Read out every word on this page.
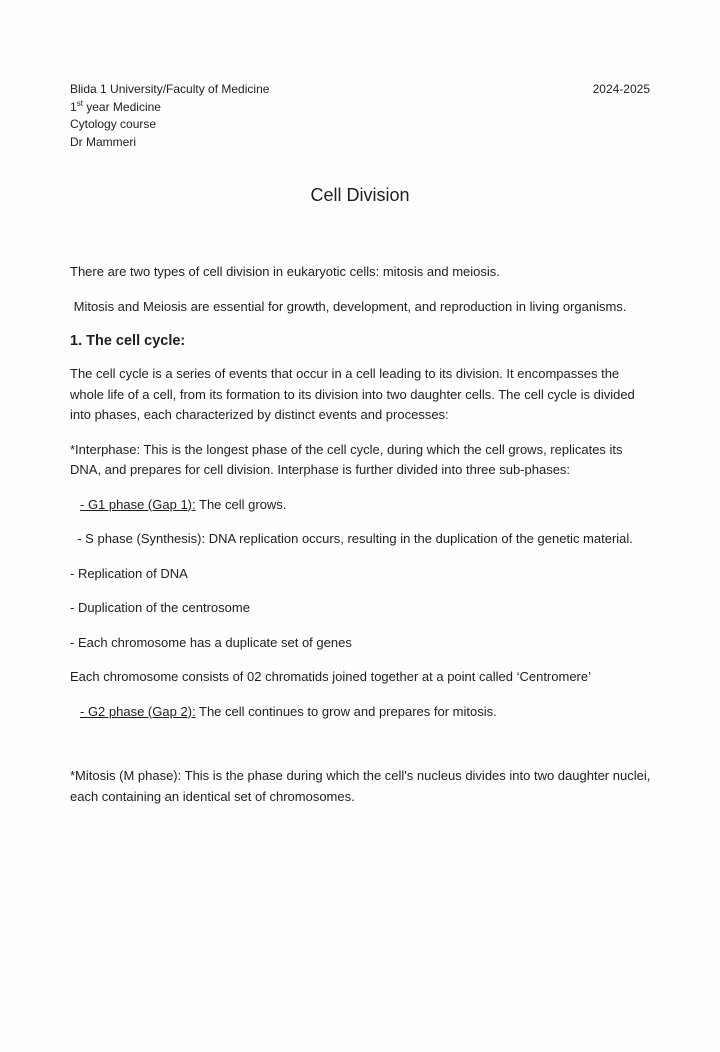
Blida 1 University/Faculty of Medicine
1st year Medicine
Cytology course
Dr Mammeri
2024-2025
Cell Division

There are two types of cell division in eukaryotic cells: mitosis and meiosis.

Mitosis and Meiosis are essential for growth, development, and reproduction in living organisms.

1. The cell cycle:

The cell cycle is a series of events that occur in a cell leading to its division. It encompasses the whole life of a cell, from its formation to its division into two daughter cells. The cell cycle is divided into phases, each characterized by distinct events and processes:

*Interphase: This is the longest phase of the cell cycle, during which the cell grows, replicates its DNA, and prepares for cell division. Interphase is further divided into three sub-phases:

- G1 phase (Gap 1): The cell grows.

- S phase (Synthesis): DNA replication occurs, resulting in the duplication of the genetic material.

- Replication of DNA

- Duplication of the centrosome

- Each chromosome has a duplicate set of genes

Each chromosome consists of 02 chromatids joined together at a point called ‘Centromere’

- G2 phase (Gap 2): The cell continues to grow and prepares for mitosis.

*Mitosis (M phase): This is the phase during which the cell's nucleus divides into two daughter nuclei, each containing an identical set of chromosomes.
